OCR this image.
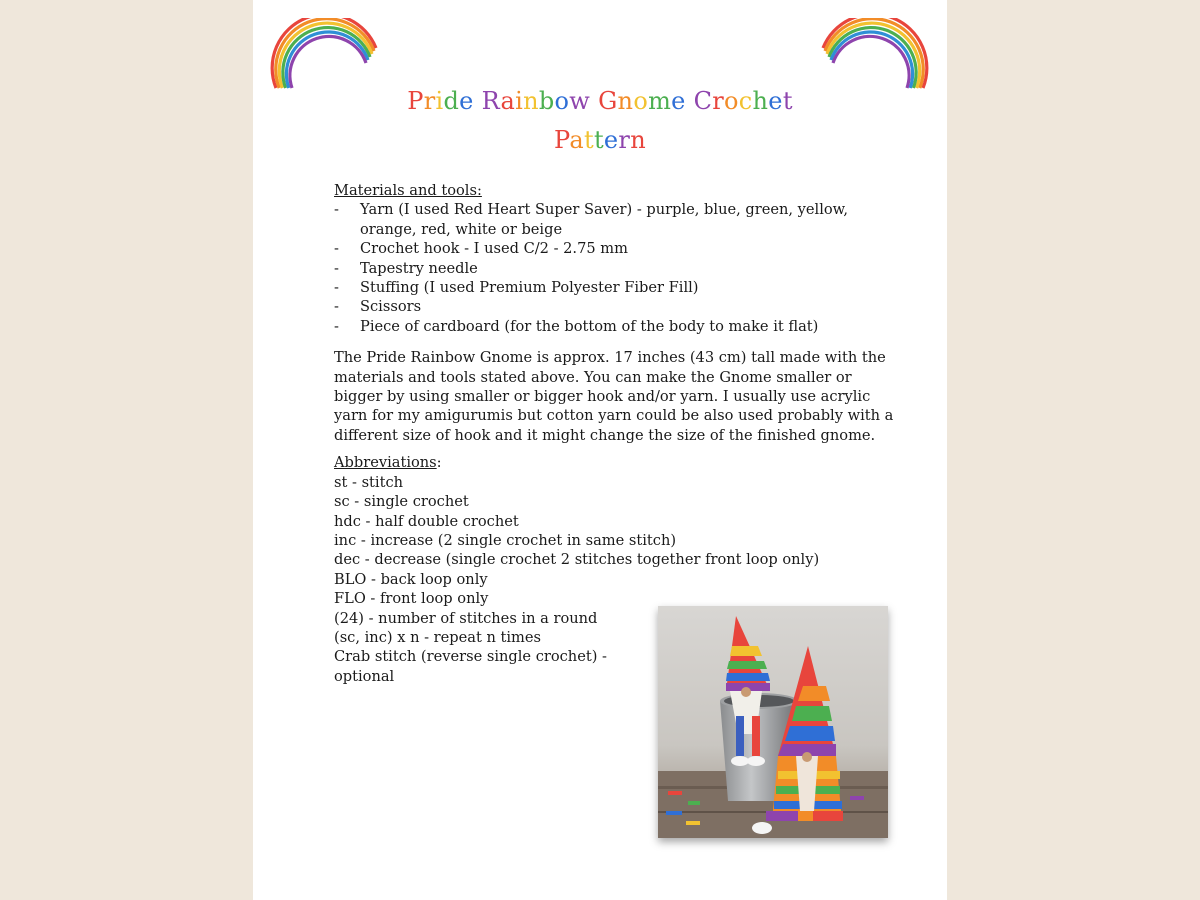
Pride Rainbow Gnome Crochet
Pattern

Materials and tools:

- Yarn (I used Red Heart Super Saver) - purple, blue, green, yellow, orange, red, white or beige
- Crochet hook - I used C/2 - 2.75 mm
- Tapestry needle
- Stuffing (I used Premium Polyester Fiber Fill)
- Scissors
- Piece of cardboard (for the bottom of the body to make it flat)

The Pride Rainbow Gnome is approx. 17 inches (43 cm) tall made with the materials and tools stated above. You can make the Gnome smaller or bigger by using smaller or bigger hook and/or yarn. I usually use acrylic yarn for my amigurumis but cotton yarn could be also used probably with a different size of hook and it might change the size of the finished gnome.

Abbreviations:
st - stitch
sc - single crochet
hdc - half double crochet
inc - increase (2 single crochet in same stitch)
dec - decrease (single crochet 2 stitches together front loop only)
BLO - back loop only
FLO - front loop only
(24) - number of stitches in a round
(sc, inc) x n - repeat n times
Crab stitch (reverse single crochet) -
optional
